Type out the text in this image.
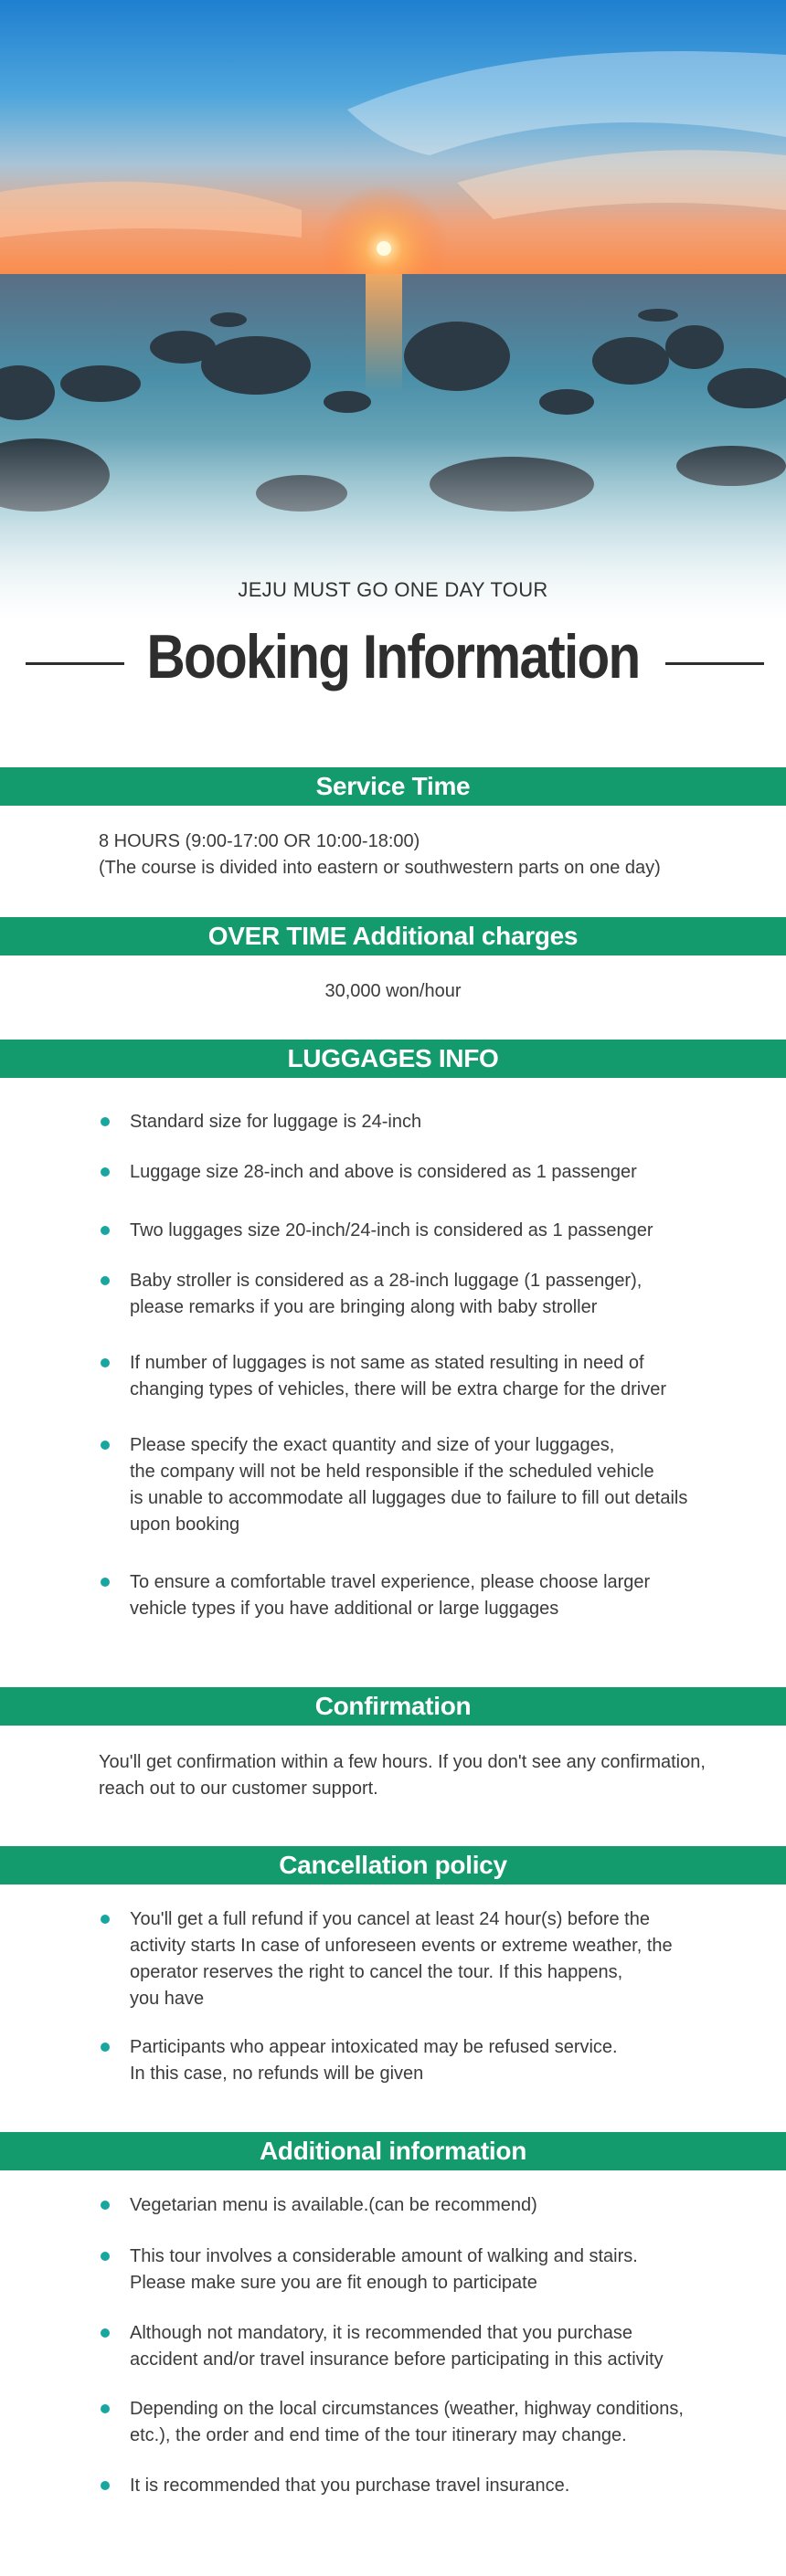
JEJU MUST GO ONE DAY TOUR
Booking Information
Service Time
8 HOURS (9:00-17:00 OR 10:00-18:00)
(The course is divided into eastern or southwestern parts on one day)
OVER TIME Additional charges
30,000 won/hour
LUGGAGES INFO
Standard size for luggage is 24-inch
Luggage size 28-inch and above is considered as 1 passenger
Two luggages size 20-inch/24-inch is considered as 1 passenger
Baby stroller is considered as a 28-inch luggage (1 passenger),
please remarks if you are bringing along with baby stroller
If number of luggages is not same as stated resulting in need of
changing types of vehicles, there will be extra charge for the driver
Please specify the exact quantity and size of your luggages,
the company will not be held responsible if the scheduled vehicle
is unable to accommodate all luggages due to failure to fill out details
upon booking
To ensure a comfortable travel experience, please choose larger
vehicle types if you have additional or large luggages
Confirmation
You'll get confirmation within a few hours. If you don't see any confirmation,
reach out to our customer support.
Cancellation policy
You'll get a full refund if you cancel at least 24 hour(s) before the
activity starts In case of unforeseen events or extreme weather, the
operator reserves the right to cancel the tour. If this happens,
you have
Participants who appear intoxicated may be refused service.
In this case, no refunds will be given
Additional information
Vegetarian menu is available.(can be recommend)
This tour involves a considerable amount of walking and stairs.
Please make sure you are fit enough to participate
Although not mandatory, it is recommended that you purchase
accident and/or travel insurance before participating in this activity
Depending on the local circumstances (weather, highway conditions,
etc.), the order and end time of the tour itinerary may change.
It is recommended that you purchase travel insurance.
